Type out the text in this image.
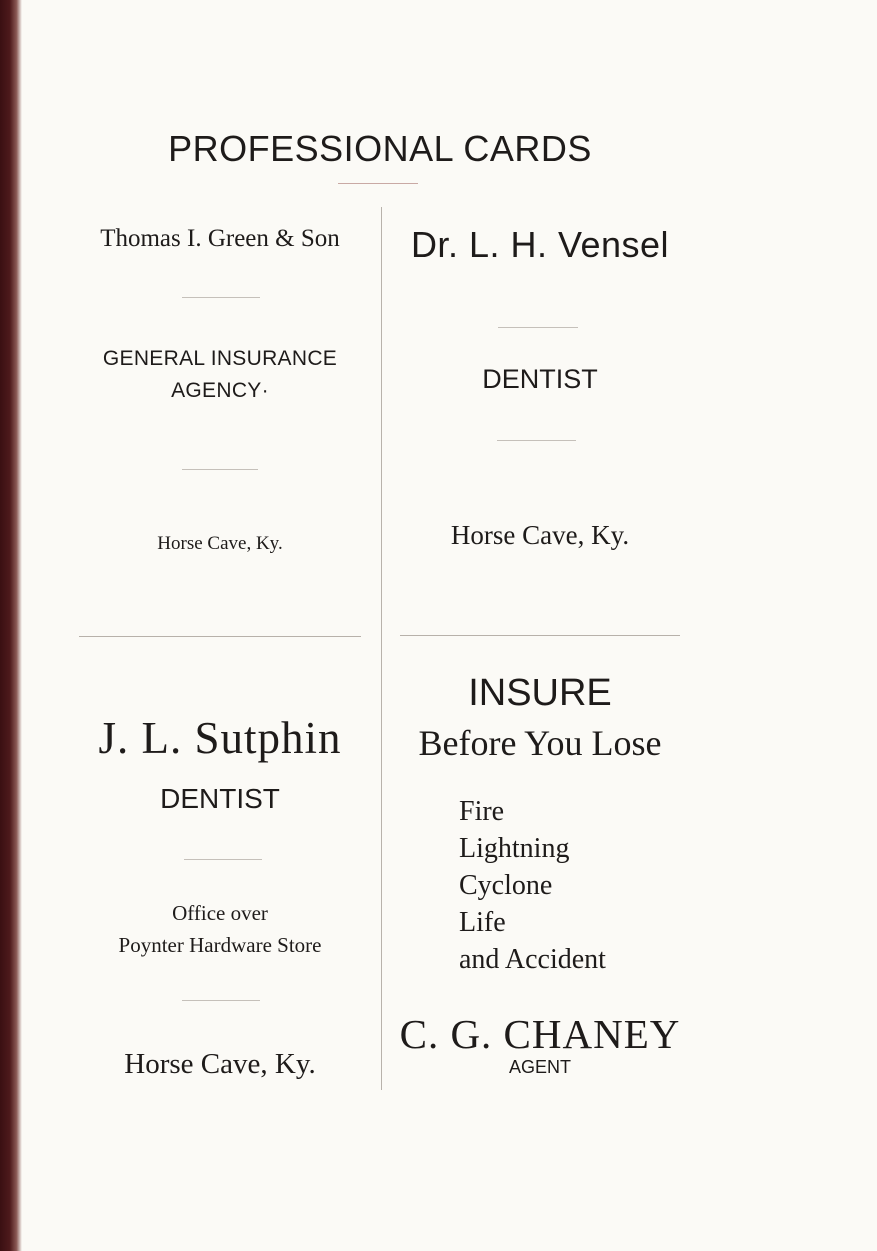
PROFESSIONAL CARDS
Thomas I. Green & Son
GENERAL INSURANCE
AGENCY·
Horse Cave, Ky.
Dr. L. H. Vensel
DENTIST
Horse Cave, Ky.
J. L. Sutphin
DENTIST
Office over
Poynter Hardware Store
Horse Cave, Ky.
INSURE
Before You Lose
Fire
Lightning
Cyclone
Life
and Accident
C. G. CHANEY
AGENT
